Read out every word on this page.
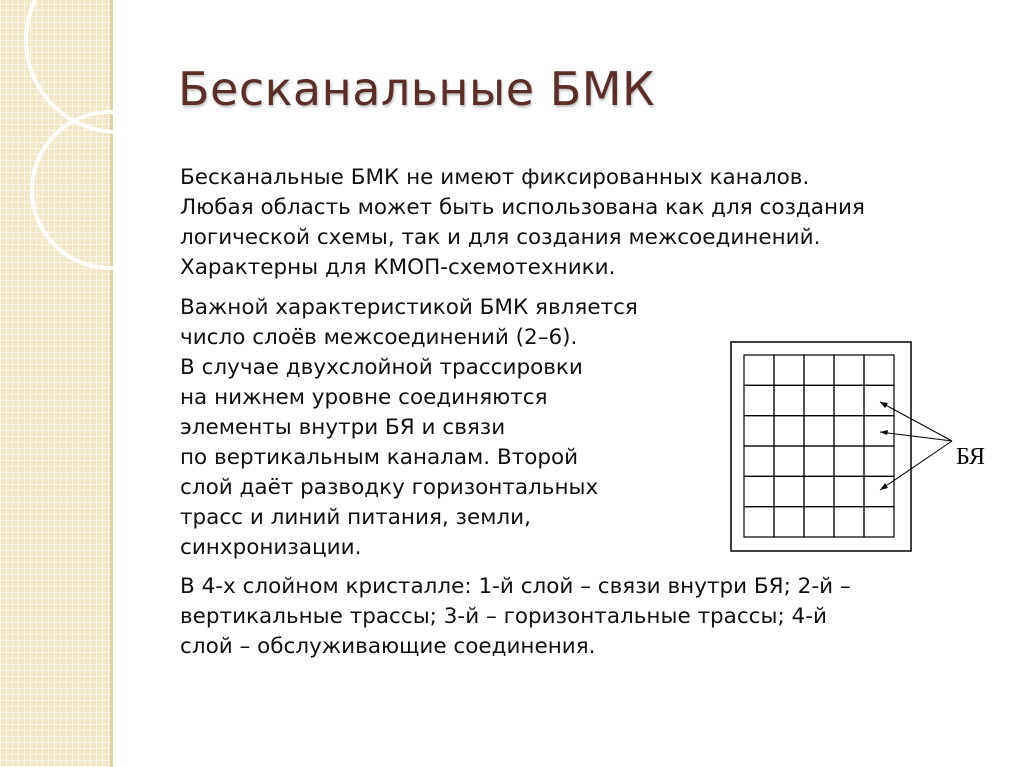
Бесканальные БМК

Бесканальные БМК не имеют фиксированных каналов.
Любая область может быть использована как для создания
логической схемы, так и для создания межсоединений.
Характерны для КМОП-схемотехники.

Важной характеристикой БМК является
число слоёв межсоединений (2–6).
В случае двухслойной трассировки
на нижнем уровне соединяются
элементы внутри БЯ и связи
по вертикальным каналам. Второй
слой даёт разводку горизонтальных
трасс и линий питания, земли,
синхронизации.

В 4-х слойном кристалле: 1-й слой – связи внутри БЯ; 2-й –
вертикальные трассы; 3-й – горизонтальные трассы; 4-й
слой – обслуживающие соединения.

БЯ
